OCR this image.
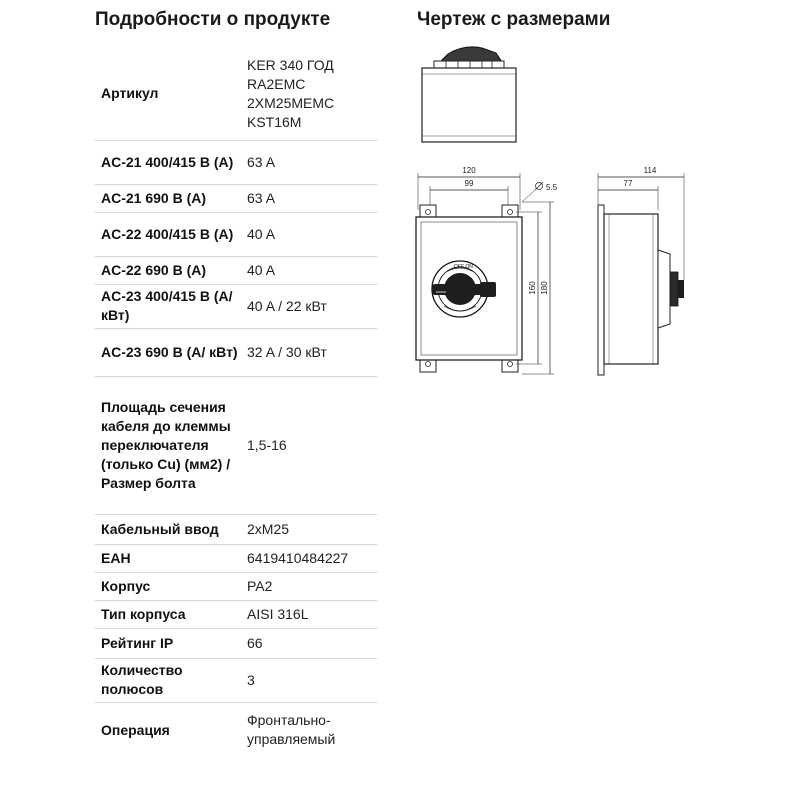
Подробности о продукте	Чертеж с размерами
Артикул	KER 340 ГОД
RA2EMC
2XM25MEMC
KST16M

AC-21 400/415 В (А)	63 A

AC-21 690 В (А)	63 A

AC-22 400/415 В (А)	40 A

AC-22 690 В (А)	40 A

AC-23 400/415 В (А/кВт)	40 A / 22 кВт

AC-23 690 В (А/ кВт)	32 A / 30 кВт

Площадь сечения кабеля до клеммы переключателя (только Cu) (мм2) / Размер болта	1,5-16

Кабельный ввод	2xM25

ЕАН	6419410484227

Корпус	PA2

Тип корпуса	AISI 316L

Рейтинг IP	66

Количество полюсов	3

Операция	Фронтально-
управляемый
120
99	5.5
OFF ON
160 180
114
77
